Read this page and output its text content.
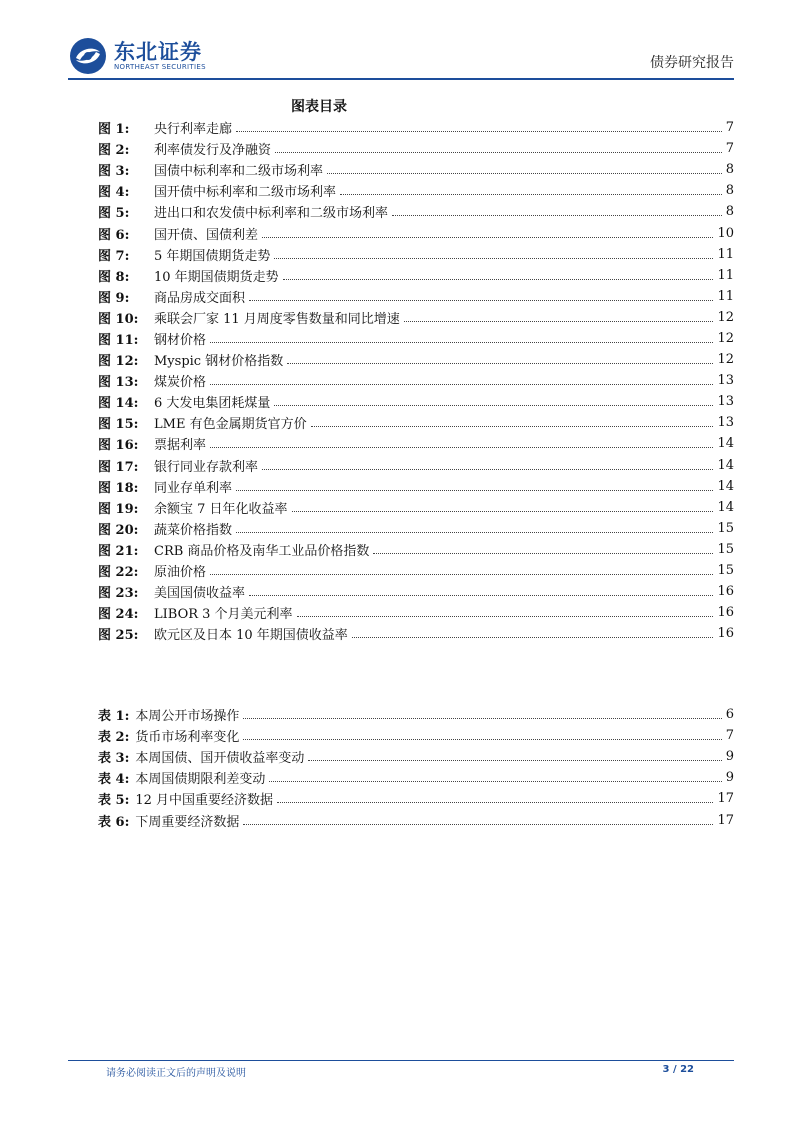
东北证券
NORTHEAST SECURITIES	债券研究报告
图表目录
图 1:	央行利率走廊	7
图 2:	利率债发行及净融资	7
图 3:	国债中标利率和二级市场利率	8
图 4:	国开债中标利率和二级市场利率	8
图 5:	进出口和农发债中标利率和二级市场利率	8
图 6:	国开债、国债利差	10
图 7:	5 年期国债期货走势	11
图 8:	10 年期国债期货走势	11
图 9:	商品房成交面积	11
图 10:	乘联会厂家 11 月周度零售数量和同比增速	12
图 11:	钢材价格	12
图 12:	Myspic 钢材价格指数	12
图 13:	煤炭价格	13
图 14:	6 大发电集团耗煤量	13
图 15:	LME 有色金属期货官方价	13
图 16:	票据利率	14
图 17:	银行同业存款利率	14
图 18:	同业存单利率	14
图 19:	余额宝 7 日年化收益率	14
图 20:	蔬菜价格指数	15
图 21:	CRB 商品价格及南华工业品价格指数	15
图 22:	原油价格	15
图 23:	美国国债收益率	16
图 24:	LIBOR 3 个月美元利率	16
图 25:	欧元区及日本 10 年期国债收益率	16
表 1: 本周公开市场操作	6
表 2: 货币市场利率变化	7
表 3: 本周国债、国开债收益率变动	9
表 4: 本周国债期限利差变动	9
表 5: 12 月中国重要经济数据	17
表 6: 下周重要经济数据	17
请务必阅读正文后的声明及说明	3 / 22
